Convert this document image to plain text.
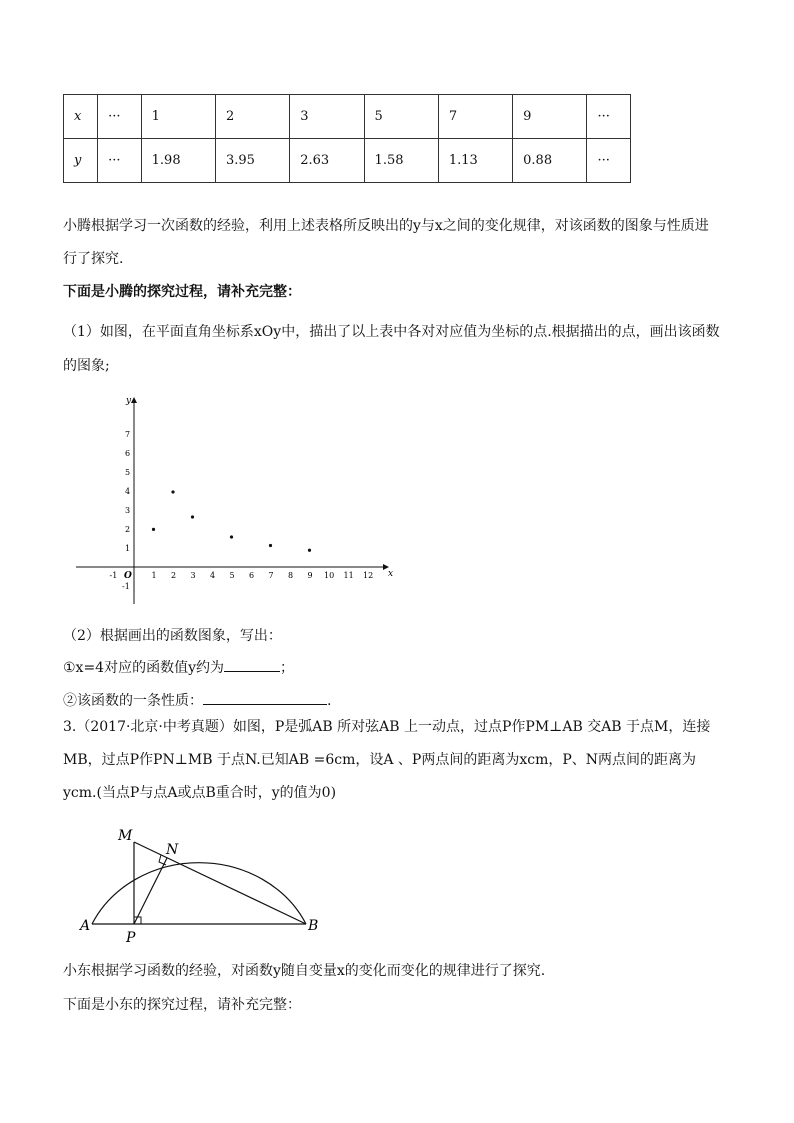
x	···	1	2	3	5	7	9	···
y	···	1.98	3.95	2.63	1.58	1.13	0.88	···
小腾根据学习一次函数的经验，利用上述表格所反映出的y与x之间的变化规律，对该函数的图象与性质进
行了探究.
下面是小腾的探究过程，请补充完整：
（1）如图，在平面直角坐标系xOy中，描出了以上表中各对对应值为坐标的点.根据描出的点，画出该函数
的图象;
y
x
O
-1	1 2 3 4 5 6 7 8 9 10 11 12
-1
1
2
3
4
5
6
7
（2）根据画出的函数图象，写出：
①x=4对应的函数值y约为	；
②该函数的一条性质：	.
3.（2017·北京·中考真题）如图，P是弧AB 所对弦AB 上一动点，过点P作PM⊥AB 交AB 于点M，连接
MB，过点P作PN⊥MB 于点N.已知AB =6cm，设A 、P两点间的距离为xcm，P、N两点间的距离为
ycm.(当点P与点A或点B重合时，y的值为0)
M
N
A
P
B
小东根据学习函数的经验，对函数y随自变量x的变化而变化的规律进行了探究.
下面是小东的探究过程，请补充完整：
